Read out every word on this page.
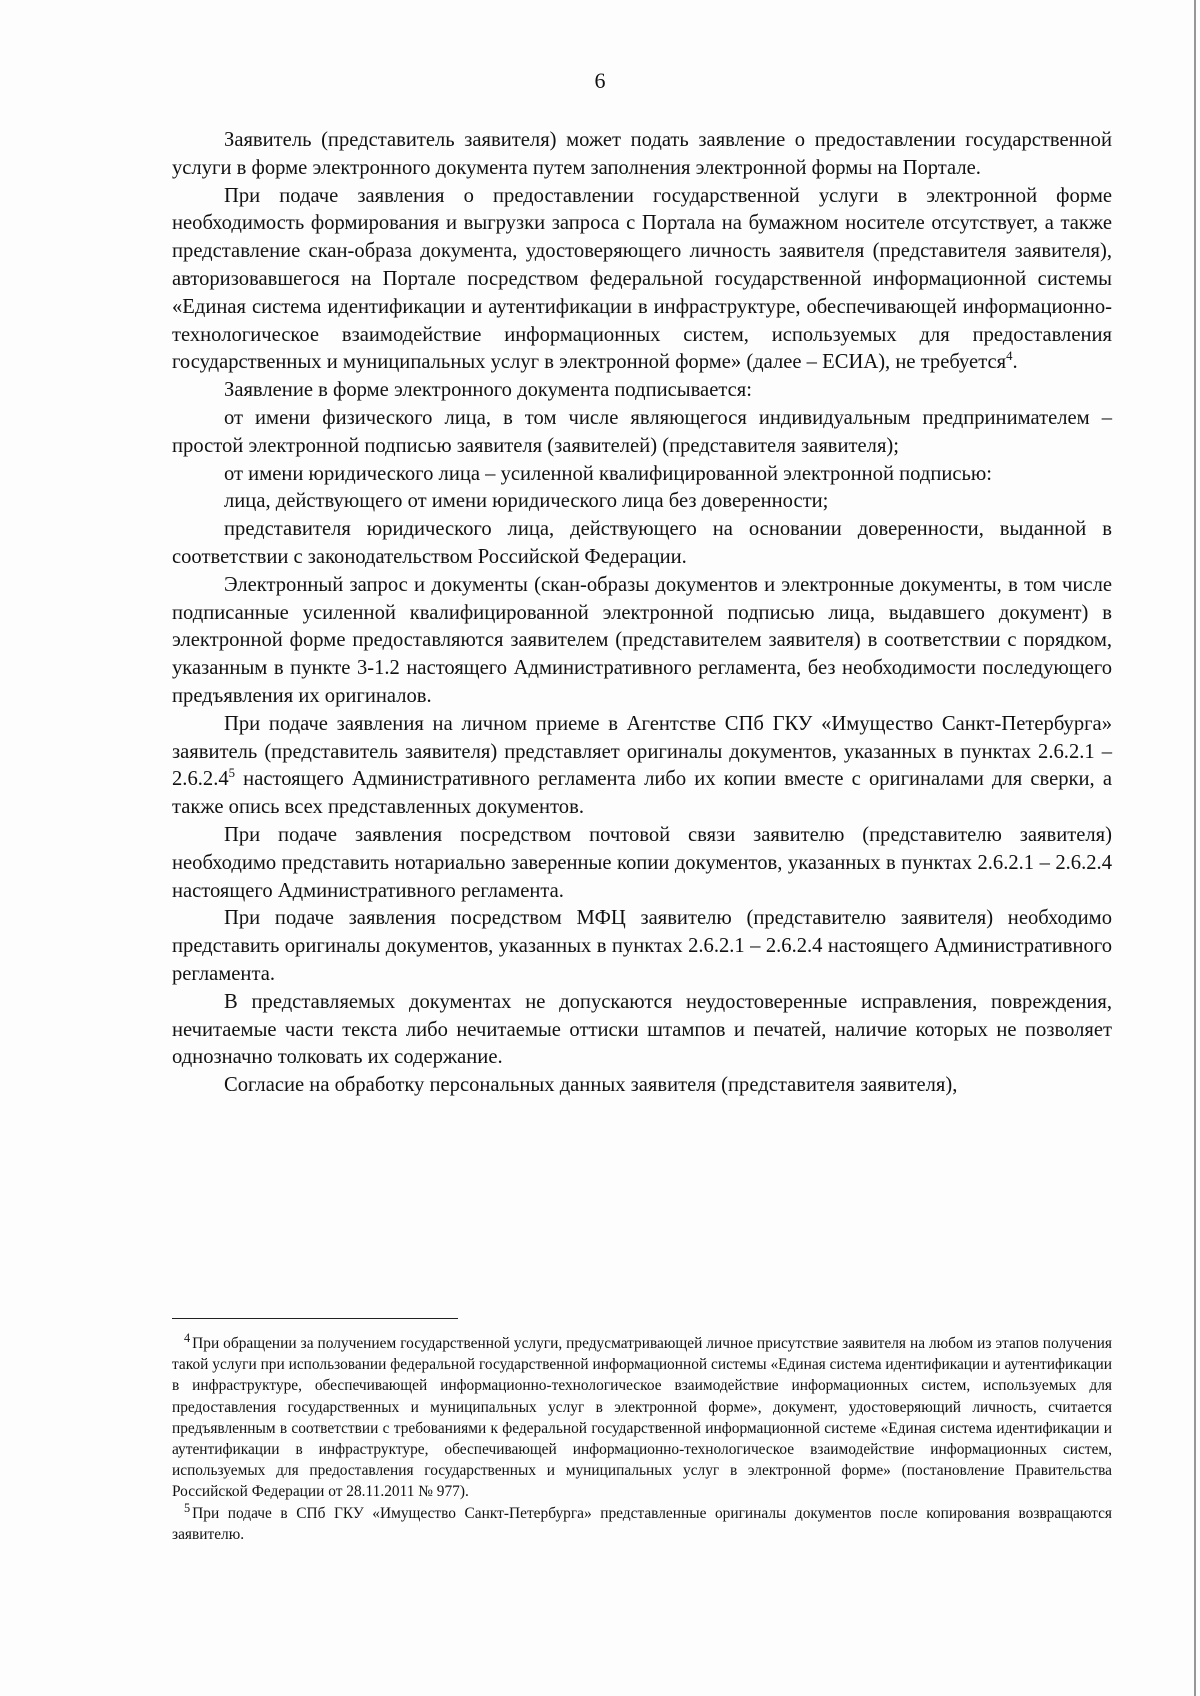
6

Заявитель (представитель заявителя) может подать заявление о предоставлении государственной услуги в форме электронного документа путем заполнения электронной формы на Портале.

При подаче заявления о предоставлении государственной услуги в электронной форме необходимость формирования и выгрузки запроса с Портала на бумажном носителе отсутствует, а также представление скан-образа документа, удостоверяющего личность заявителя (представителя заявителя), авторизовавшегося на Портале посредством федеральной государственной информационной системы «Единая система идентификации и аутентификации в инфраструктуре, обеспечивающей информационно-технологическое взаимодействие информационных систем, используемых для предоставления государственных и муниципальных услуг в электронной форме» (далее – ЕСИА), не требуется$^4$.

Заявление в форме электронного документа подписывается:

от имени физического лица, в том числе являющегося индивидуальным предпринимателем – простой электронной подписью заявителя (заявителей) (представителя заявителя);

от имени юридического лица – усиленной квалифицированной электронной подписью:

лица, действующего от имени юридического лица без доверенности;

представителя юридического лица, действующего на основании доверенности, выданной в соответствии с законодательством Российской Федерации.

Электронный запрос и документы (скан-образы документов и электронные документы, в том числе подписанные усиленной квалифицированной электронной подписью лица, выдавшего документ) в электронной форме предоставляются заявителем (представителем заявителя) в соответствии с порядком, указанным в пункте 3-1.2 настоящего Административного регламента, без необходимости последующего предъявления их оригиналов.

При подаче заявления на личном приеме в Агентстве СПб ГКУ «Имущество Санкт-Петербурга» заявитель (представитель заявителя) представляет оригиналы документов, указанных в пунктах 2.6.2.1 – 2.6.2.4$^5$ настоящего Административного регламента либо их копии вместе с оригиналами для сверки, а также опись всех представленных документов.

При подаче заявления посредством почтовой связи заявителю (представителю заявителя) необходимо представить нотариально заверенные копии документов, указанных в пунктах 2.6.2.1 – 2.6.2.4 настоящего Административного регламента.

При подаче заявления посредством МФЦ заявителю (представителю заявителя) необходимо представить оригиналы документов, указанных в пунктах 2.6.2.1 – 2.6.2.4 настоящего Административного регламента.

В представляемых документах не допускаются неудостоверенные исправления, повреждения, нечитаемые части текста либо нечитаемые оттиски штампов и печатей, наличие которых не позволяет однозначно толковать их содержание.

Согласие на обработку персональных данных заявителя (представителя заявителя),

$^4$ При обращении за получением государственной услуги, предусматривающей личное присутствие заявителя на любом из этапов получения такой услуги при использовании федеральной государственной информационной системы «Единая система идентификации и аутентификации в инфраструктуре, обеспечивающей информационно-технологическое взаимодействие информационных систем, используемых для предоставления государственных и муниципальных услуг в электронной форме», документ, удостоверяющий личность, считается предъявленным в соответствии с требованиями к федеральной государственной информационной системе «Единая система идентификации и аутентификации в инфраструктуре, обеспечивающей информационно-технологическое взаимодействие информационных систем, используемых для предоставления государственных и муниципальных услуг в электронной форме» (постановление Правительства Российской Федерации от 28.11.2011 № 977).

$^5$ При подаче в СПб ГКУ «Имущество Санкт-Петербурга» представленные оригиналы документов после копирования возвращаются заявителю.
